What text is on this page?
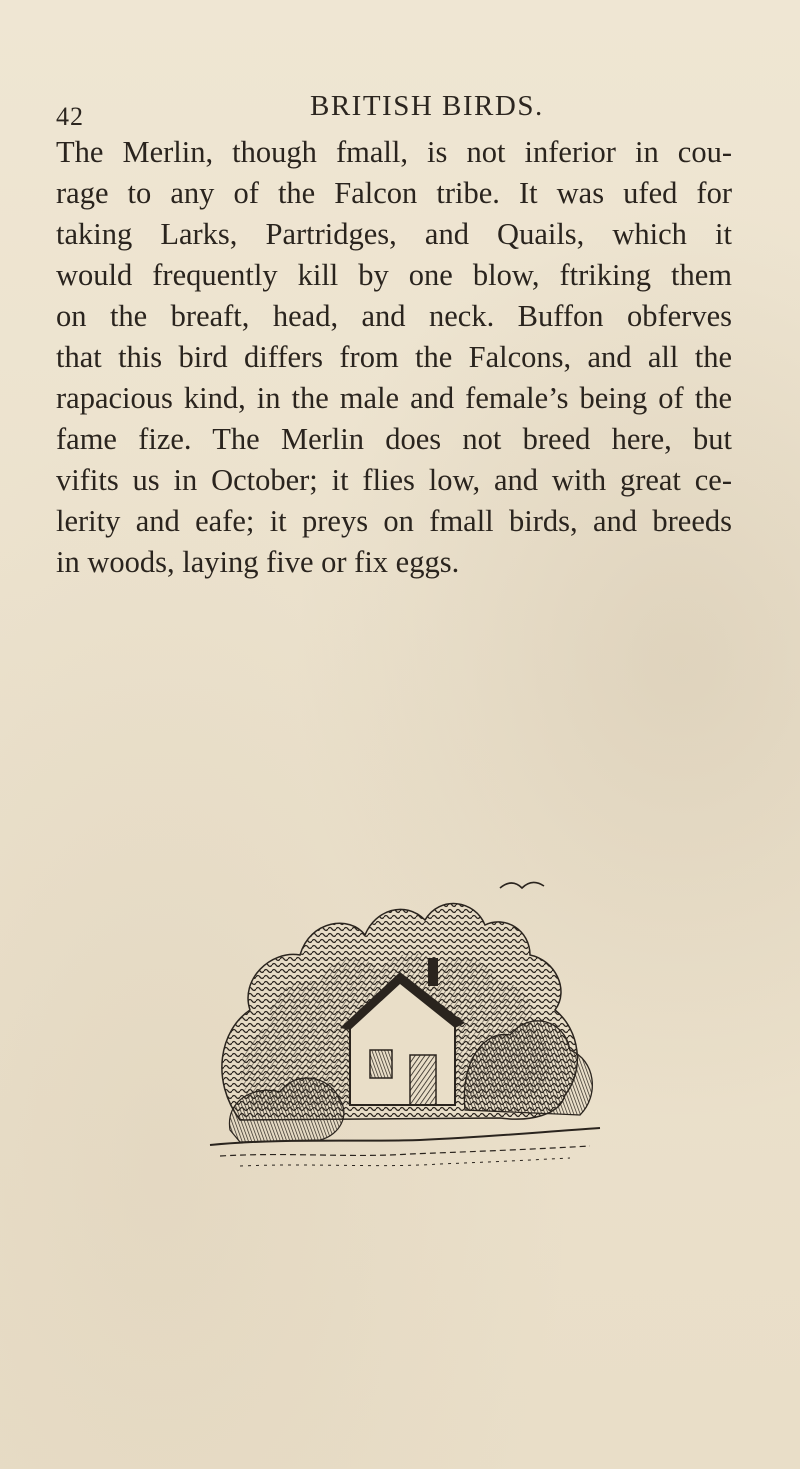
42	BRITISH BIRDS.

The Merlin, though fmall, is not inferior in cou-
rage to any of the Falcon tribe. It was ufed for
taking Larks, Partridges, and Quails, which it
would frequently kill by one blow, ftriking them
on the breaft, head, and neck. Buffon obferves
that this bird differs from the Falcons, and all the
rapacious kind, in the male and female’s being of the
fame fize. The Merlin does not breed here, but
vifits us in October; it flies low, and with great ce-
lerity and eafe; it preys on fmall birds, and breeds
in woods, laying five or fix eggs.
